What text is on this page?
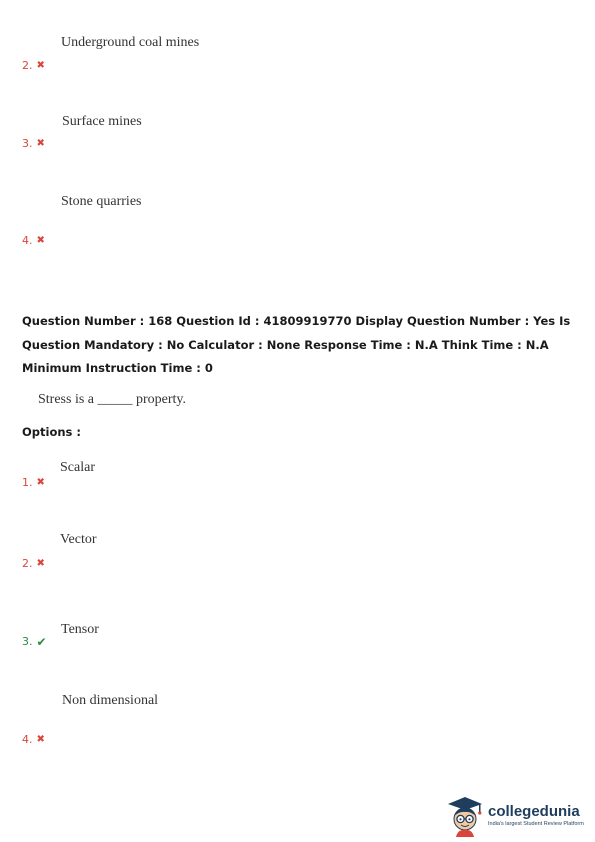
Underground coal mines
2. ✖
Surface mines
3. ✖
Stone quarries
4. ✖

Question Number : 168 Question Id : 41809919770 Display Question Number : Yes Is Question Mandatory : No Calculator : None Response Time : N.A Think Time : N.A Minimum Instruction Time : 0

Stress is a _____ property.
Options :
Scalar
1. ✖
Vector
2. ✖
Tensor
3. ✔
Non dimensional
4. ✖
collegedunia
India's largest Student Review Platform
